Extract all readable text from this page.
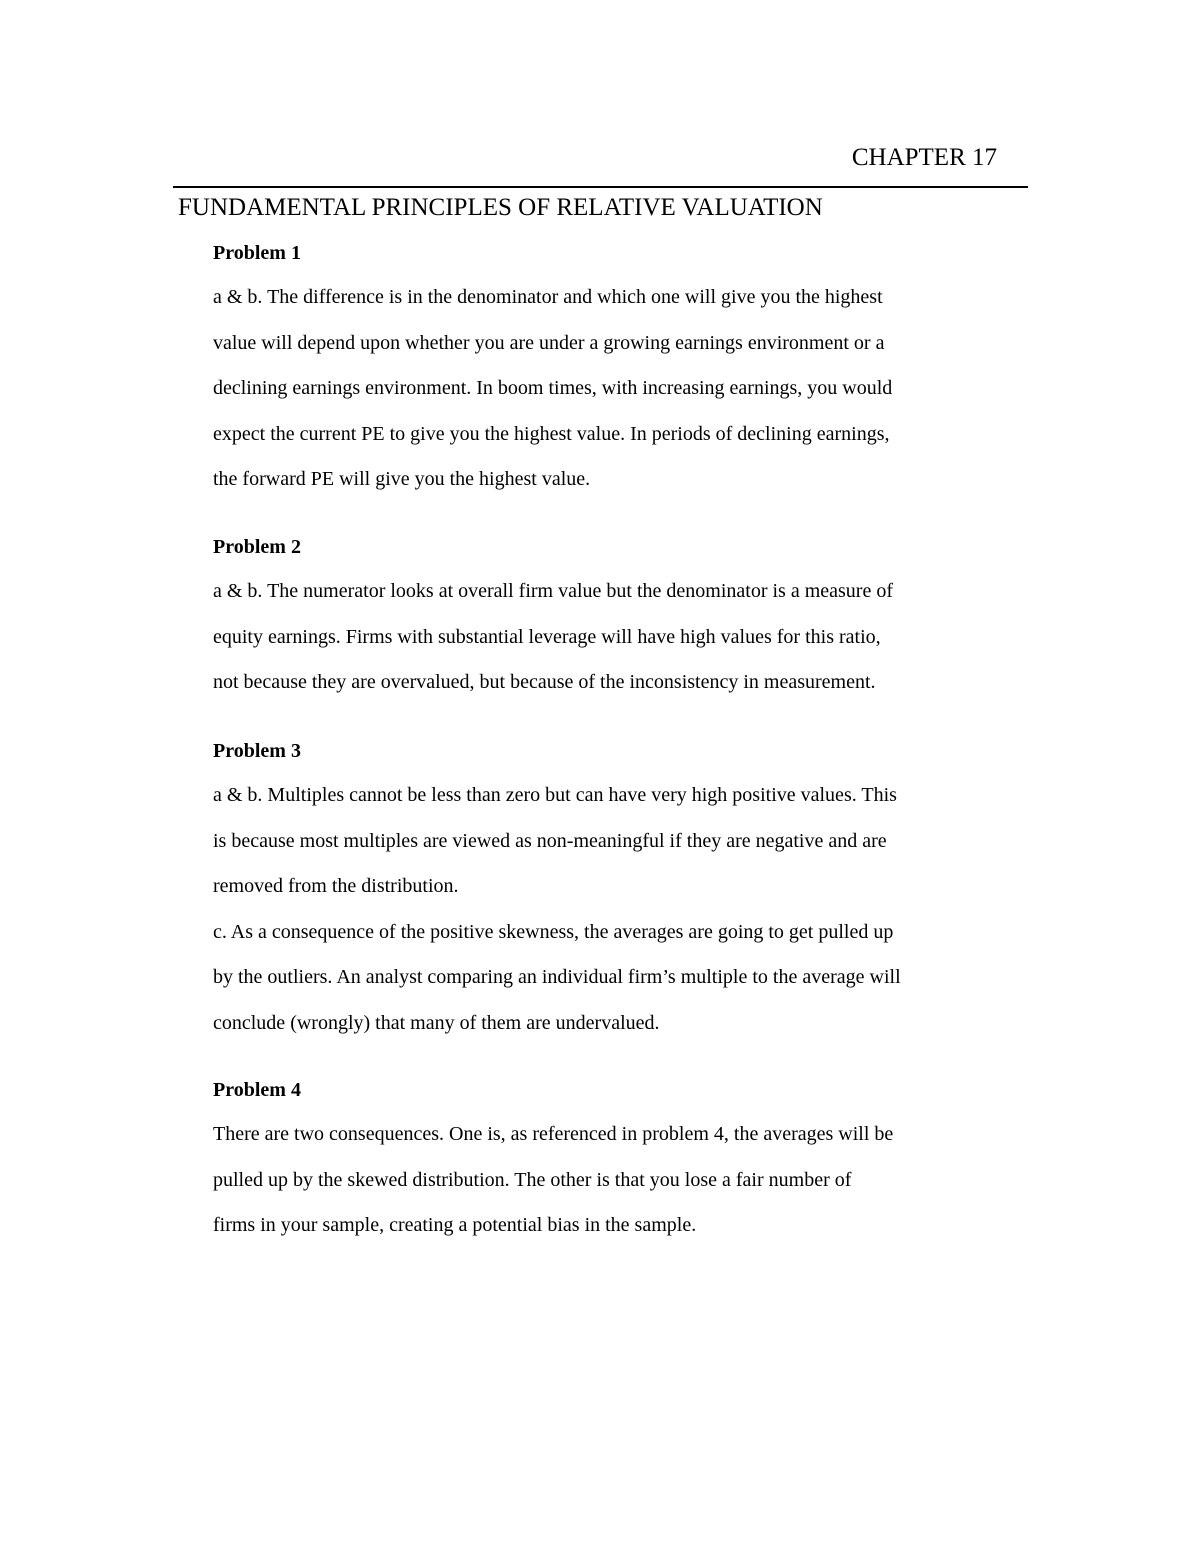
CHAPTER 17
FUNDAMENTAL PRINCIPLES OF RELATIVE VALUATION
Problem 1
a & b. The difference is in the denominator and which one will give you the highest
value will depend upon whether you are under a growing earnings environment or a
declining earnings environment. In boom times, with increasing earnings, you would
expect the current PE to give you the highest value. In periods of declining earnings,
the forward PE will give you the highest value.
Problem 2
a & b. The numerator looks at overall firm value but the denominator is a measure of
equity earnings. Firms with substantial leverage will have high values for this ratio,
not because they are overvalued, but because of the inconsistency in measurement.
Problem 3
a & b. Multiples cannot be less than zero but can have very high positive values. This
is because most multiples are viewed as non-meaningful if they are negative and are
removed from the distribution.
c. As a consequence of the positive skewness, the averages are going to get pulled up
by the outliers. An analyst comparing an individual firm’s multiple to the average will
conclude (wrongly) that many of them are undervalued.
Problem 4
There are two consequences. One is, as referenced in problem 4, the averages will be
pulled up by the skewed distribution. The other is that you lose a fair number of
firms in your sample, creating a potential bias in the sample.
